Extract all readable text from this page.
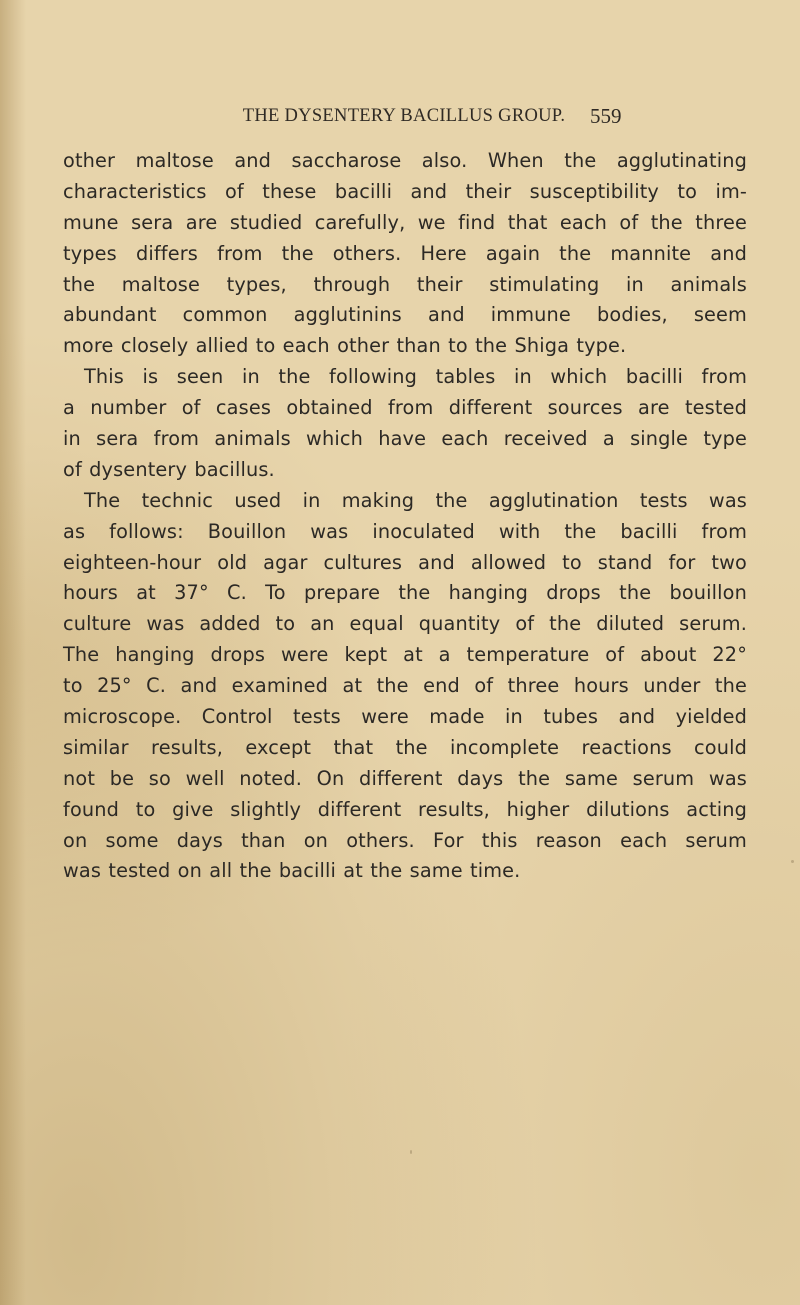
THE DYSENTERY BACILLUS GROUP.	559
other maltose and saccharose also. When the agglutinating
characteristics of these bacilli and their susceptibility to im-
mune sera are studied carefully, we find that each of the three
types differs from the others. Here again the mannite and
the maltose types, through their stimulating in animals
abundant common agglutinins and immune bodies, seem
more closely allied to each other than to the Shiga type.
This is seen in the following tables in which bacilli from
a number of cases obtained from different sources are tested
in sera from animals which have each received a single type
of dysentery bacillus.
The technic used in making the agglutination tests was
as follows: Bouillon was inoculated with the bacilli from
eighteen-hour old agar cultures and allowed to stand for two
hours at 37° C. To prepare the hanging drops the bouillon
culture was added to an equal quantity of the diluted serum.
The hanging drops were kept at a temperature of about 22°
to 25° C. and examined at the end of three hours under the
microscope. Control tests were made in tubes and yielded
similar results, except that the incomplete reactions could
not be so well noted. On different days the same serum was
found to give slightly different results, higher dilutions acting
on some days than on others. For this reason each serum
was tested on all the bacilli at the same time.
